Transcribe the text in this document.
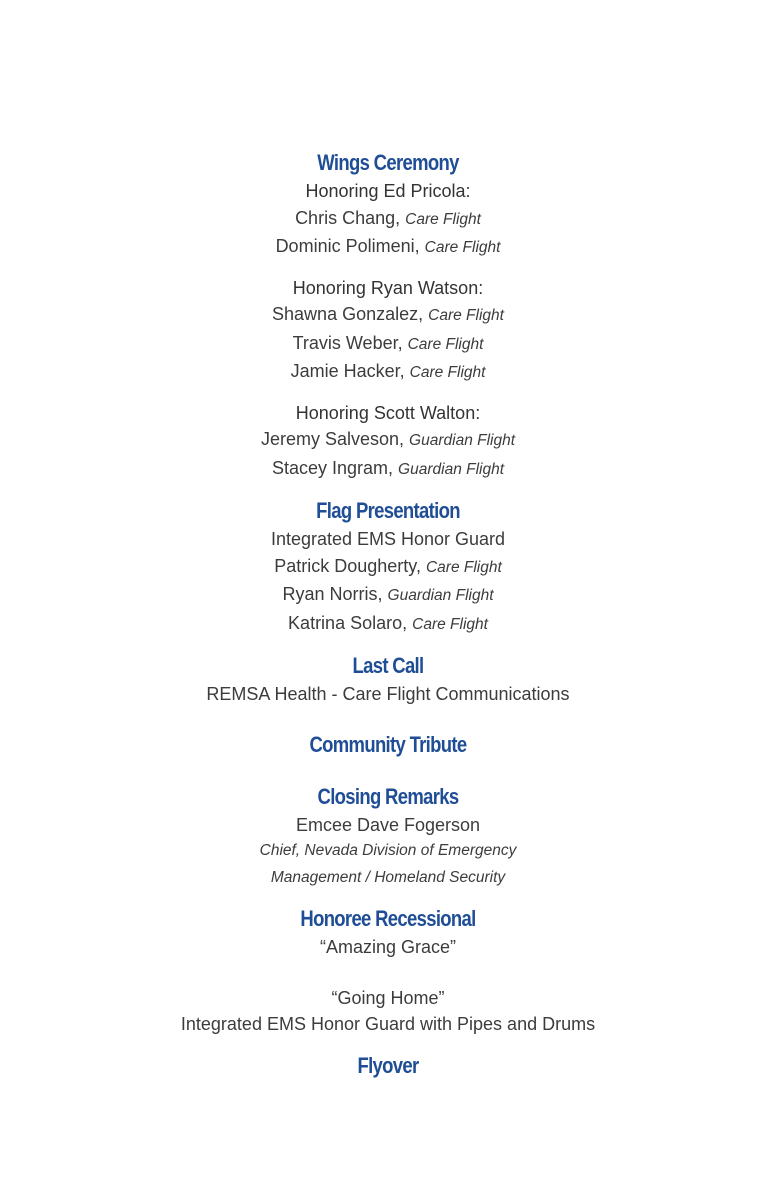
Wings Ceremony

Honoring Ed Pricola:

Chris Chang, Care Flight

Dominic Polimeni, Care Flight

Honoring Ryan Watson:

Shawna Gonzalez, Care Flight

Travis Weber, Care Flight

Jamie Hacker, Care Flight

Honoring Scott Walton:

Jeremy Salveson, Guardian Flight

Stacey Ingram, Guardian Flight

Flag Presentation

Integrated EMS Honor Guard

Patrick Dougherty, Care Flight

Ryan Norris, Guardian Flight

Katrina Solaro, Care Flight

Last Call

REMSA Health - Care Flight Communications

Community Tribute
Closing Remarks

Emcee Dave Fogerson

Chief, Nevada Division of Emergency

Management / Homeland Security

Honoree Recessional

“Amazing Grace”

“Going Home”

Integrated EMS Honor Guard with Pipes and Drums

Flyover
